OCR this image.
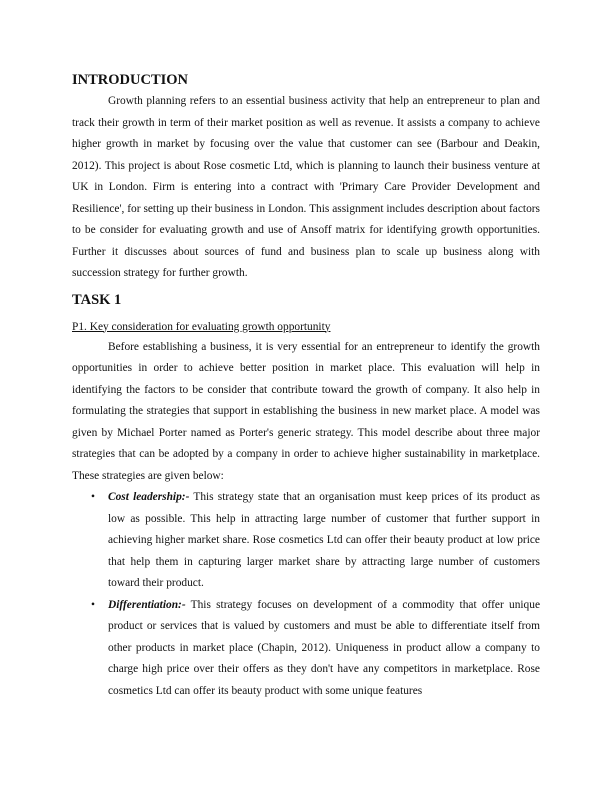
INTRODUCTION

Growth planning refers to an essential business activity that help an entrepreneur to plan and track their growth in term of their market position as well as revenue. It assists a company to achieve higher growth in market by focusing over the value that customer can see (Barbour and Deakin, 2012). This project is about Rose cosmetic Ltd, which is planning to launch their business venture at UK in London. Firm is entering into a contract with 'Primary Care Provider Development and Resilience', for setting up their business in London. This assignment includes description about factors to be consider for evaluating growth and use of Ansoff matrix for identifying growth opportunities. Further it discusses about sources of fund and business plan to scale up business along with succession strategy for further growth.

TASK 1

P1. Key consideration for evaluating growth opportunity

Before establishing a business, it is very essential for an entrepreneur to identify the growth opportunities in order to achieve better position in market place. This evaluation will help in identifying the factors to be consider that contribute toward the growth of company. It also help in formulating the strategies that support in establishing the business in new market place. A model was given by Michael Porter named as Porter's generic strategy. This model describe about three major strategies that can be adopted by a company in order to achieve higher sustainability in marketplace. These strategies are given below:

• Cost leadership:- This strategy state that an organisation must keep prices of its product as low as possible. This help in attracting large number of customer that further support in achieving higher market share. Rose cosmetics Ltd can offer their beauty product at low price that help them in capturing larger market share by attracting large number of customers toward their product.
• Differentiation:- This strategy focuses on development of a commodity that offer unique product or services that is valued by customers and must be able to differentiate itself from other products in market place (Chapin, 2012). Uniqueness in product allow a company to charge high price over their offers as they don't have any competitors in marketplace. Rose cosmetics Ltd can offer its beauty product with some unique features
